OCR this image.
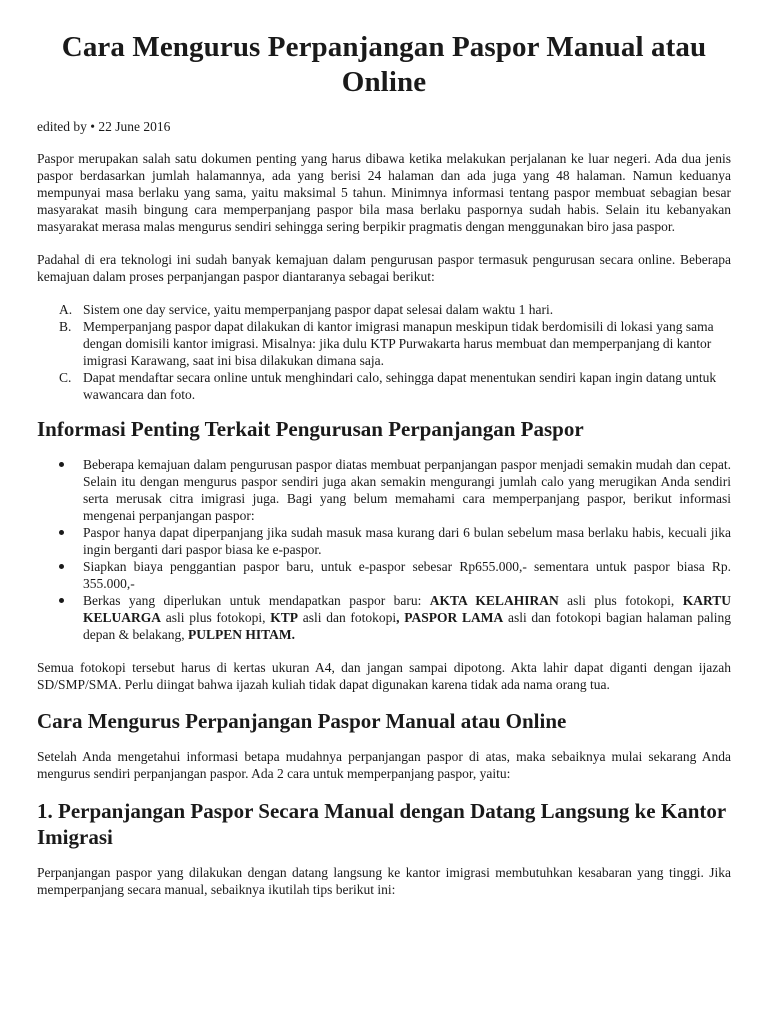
Cara Mengurus Perpanjangan Paspor Manual atau Online
edited by • 22 June 2016

Paspor merupakan salah satu dokumen penting yang harus dibawa ketika melakukan perjalanan ke luar negeri. Ada dua jenis paspor berdasarkan jumlah halamannya, ada yang berisi 24 halaman dan ada juga yang 48 halaman. Namun keduanya mempunyai masa berlaku yang sama, yaitu maksimal 5 tahun. Minimnya informasi tentang paspor membuat sebagian besar masyarakat masih bingung cara memperpanjang paspor bila masa berlaku paspornya sudah habis. Selain itu kebanyakan masyarakat merasa malas mengurus sendiri sehingga sering berpikir pragmatis dengan menggunakan biro jasa paspor.

Padahal di era teknologi ini sudah banyak kemajuan dalam pengurusan paspor termasuk pengurusan secara online. Beberapa kemajuan dalam proses perpanjangan paspor diantaranya sebagai berikut:

A. Sistem one day service, yaitu memperpanjang paspor dapat selesai dalam waktu 1 hari.
B. Memperpanjang paspor dapat dilakukan di kantor imigrasi manapun meskipun tidak berdomisili di lokasi yang sama dengan domisili kantor imigrasi. Misalnya: jika dulu KTP Purwakarta harus membuat dan memperpanjang di kantor imigrasi Karawang, saat ini bisa dilakukan dimana saja.
C. Dapat mendaftar secara online untuk menghindari calo, sehingga dapat menentukan sendiri kapan ingin datang untuk wawancara dan foto.
Informasi Penting Terkait Pengurusan Perpanjangan Paspor
Beberapa kemajuan dalam pengurusan paspor diatas membuat perpanjangan paspor menjadi semakin mudah dan cepat. Selain itu dengan mengurus paspor sendiri juga akan semakin mengurangi jumlah calo yang merugikan Anda sendiri serta merusak citra imigrasi juga. Bagi yang belum memahami cara memperpanjang paspor, berikut informasi mengenai perpanjangan paspor:
Paspor hanya dapat diperpanjang jika sudah masuk masa kurang dari 6 bulan sebelum masa berlaku habis, kecuali jika ingin berganti dari paspor biasa ke e-paspor.
Siapkan biaya penggantian paspor baru, untuk e-paspor sebesar Rp655.000,- sementara untuk paspor biasa Rp. 355.000,-
Berkas yang diperlukan untuk mendapatkan paspor baru: AKTA KELAHIRAN asli plus fotokopi, KARTU KELUARGA asli plus fotokopi, KTP asli dan fotokopi, PASPOR LAMA asli dan fotokopi bagian halaman paling depan & belakang, PULPEN HITAM.

Semua fotokopi tersebut harus di kertas ukuran A4, dan jangan sampai dipotong. Akta lahir dapat diganti dengan ijazah SD/SMP/SMA. Perlu diingat bahwa ijazah kuliah tidak dapat digunakan karena tidak ada nama orang tua.

Cara Mengurus Perpanjangan Paspor Manual atau Online

Setelah Anda mengetahui informasi betapa mudahnya perpanjangan paspor di atas, maka sebaiknya mulai sekarang Anda mengurus sendiri perpanjangan paspor. Ada 2 cara untuk memperpanjang paspor, yaitu:

1. Perpanjangan Paspor Secara Manual dengan Datang Langsung ke Kantor Imigrasi

Perpanjangan paspor yang dilakukan dengan datang langsung ke kantor imigrasi membutuhkan kesabaran yang tinggi. Jika memperpanjang secara manual, sebaiknya ikutilah tips berikut ini:
